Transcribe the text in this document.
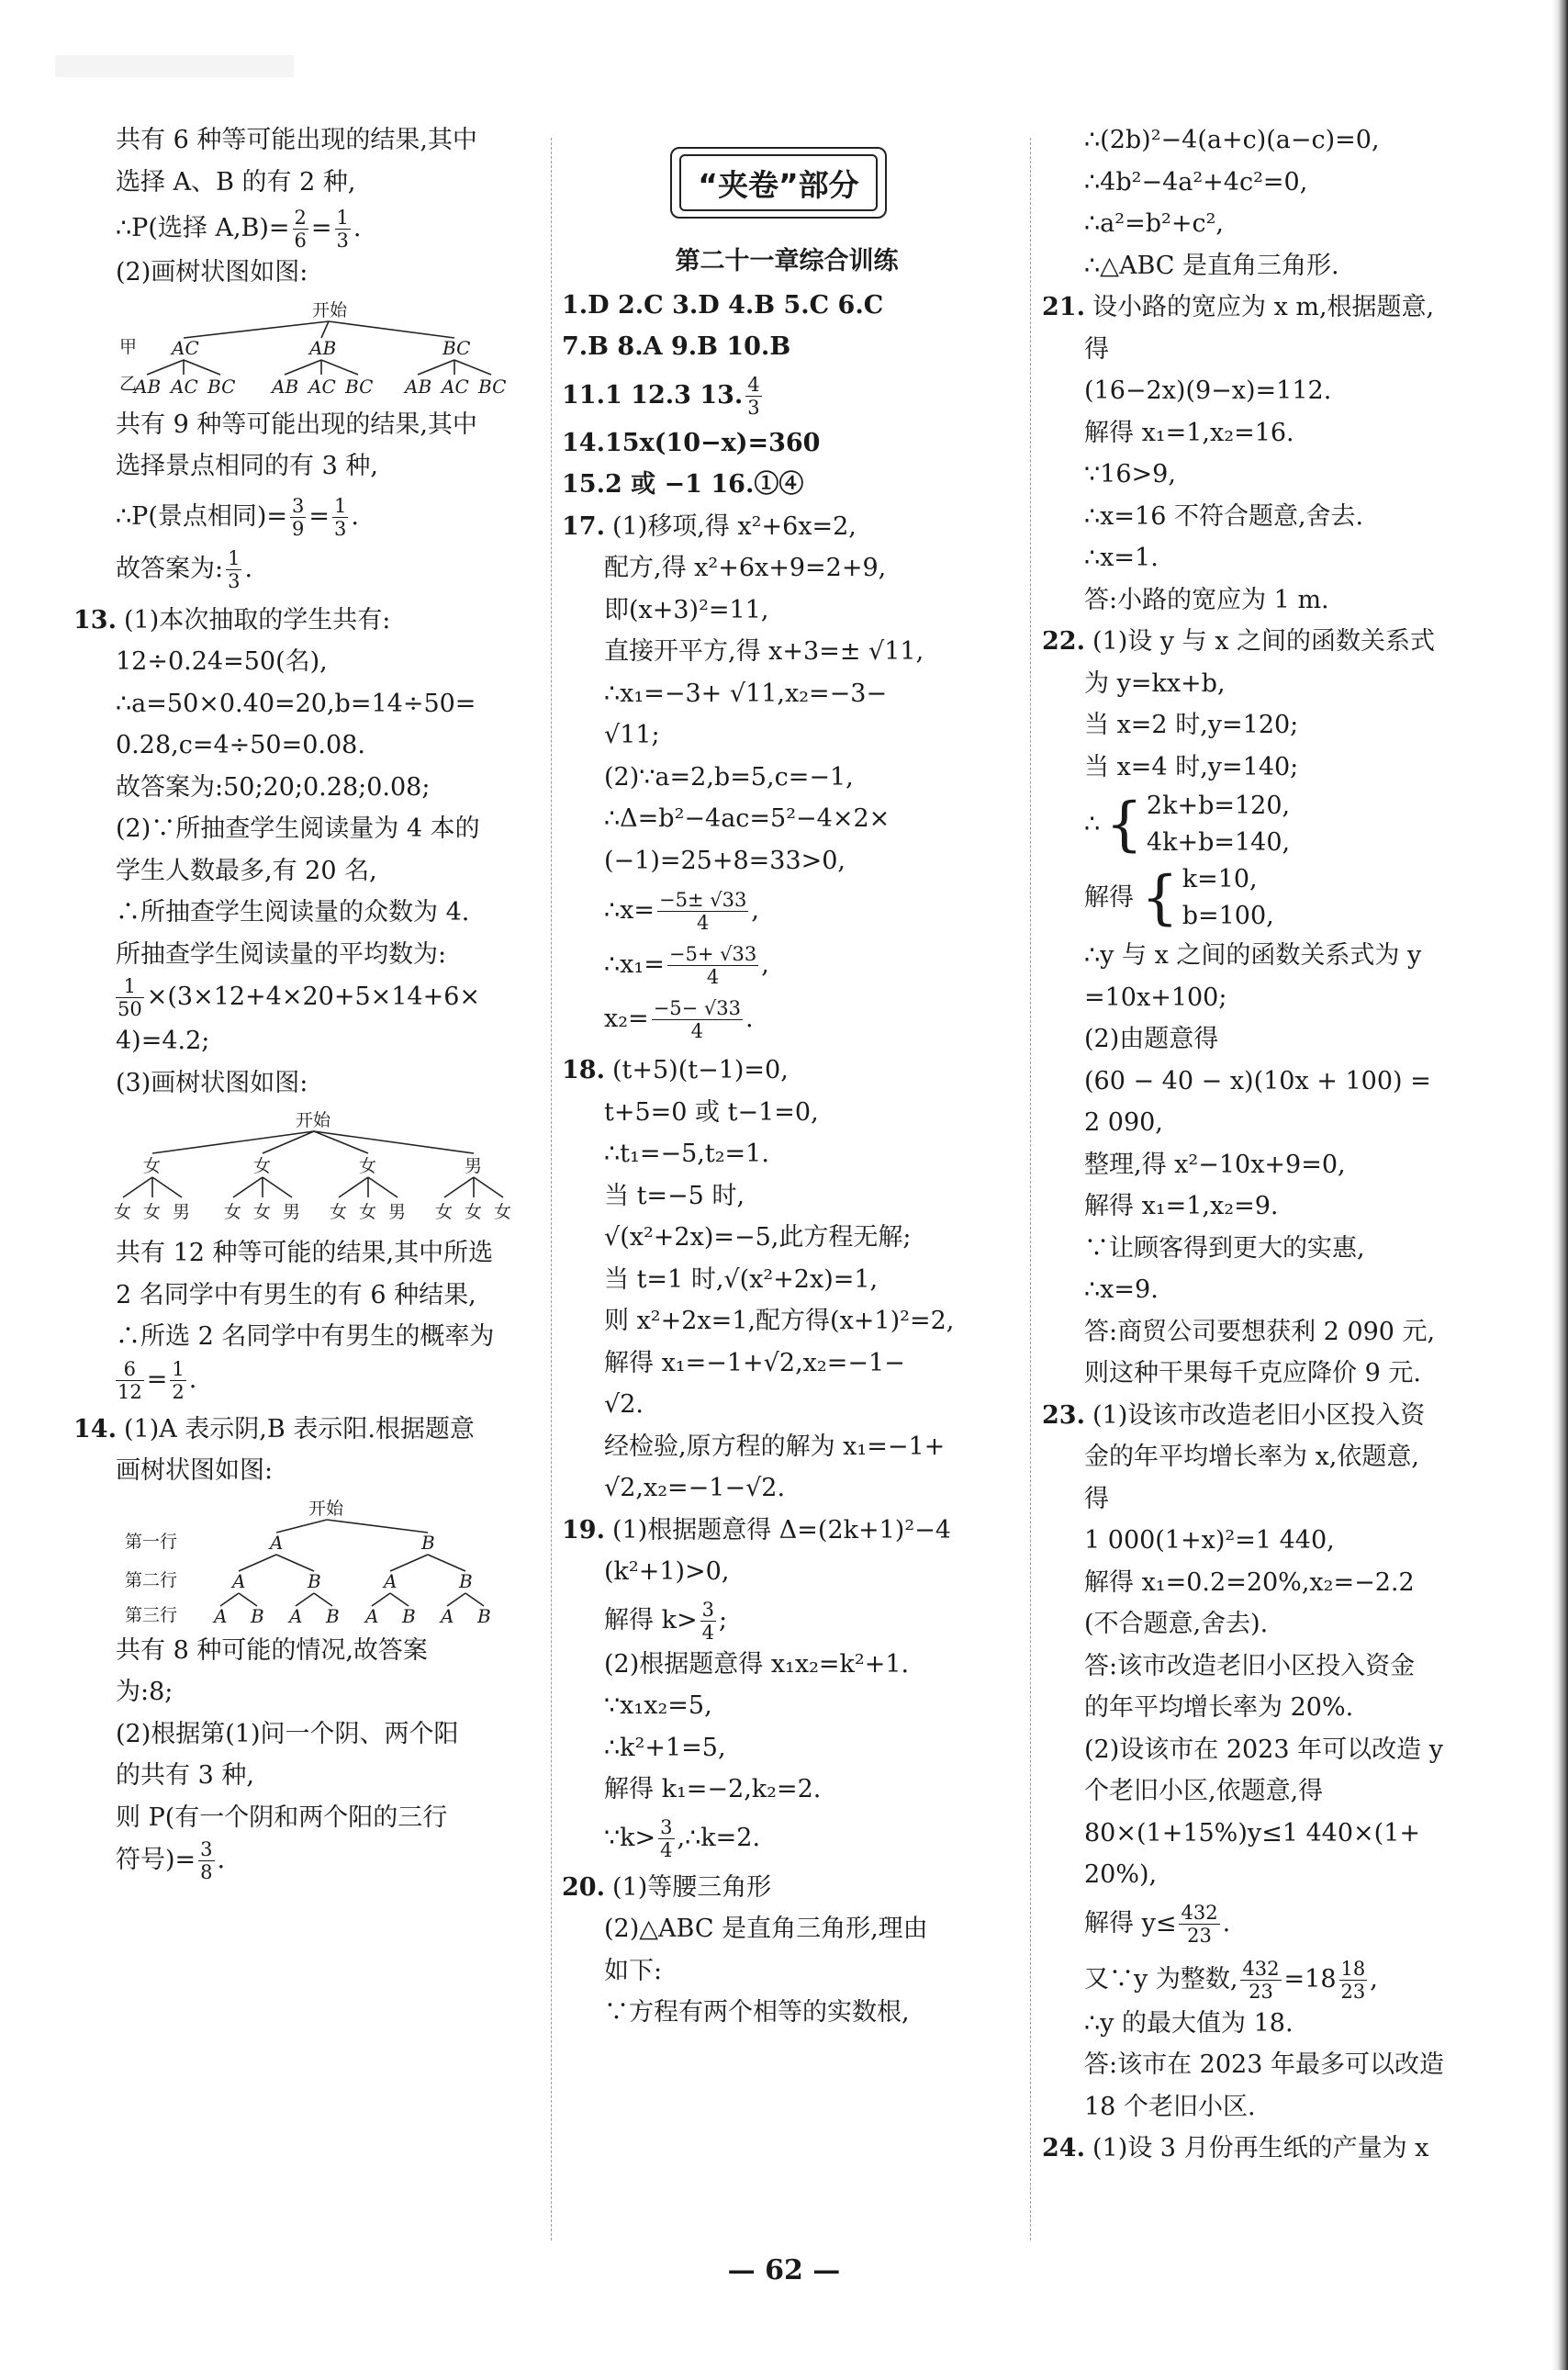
共有 6 种等可能出现的结果,其中
选择 A、B 的有 2 种,
∴P(选择 $A,B)= \frac{2}{6} = \frac{1}{3}$ .
(2)画树状图如图:
开始
甲
乙
AC	AB	BC
AB AC BC AB AC BC AB AC BC
共有 9 种等可能出现的结果,其中
选择景点相同的有 3 种,
∴P(景点相同)= $\frac{3}{9} = \frac{1}{3}$ .
故答案为: $\frac{1}{3}$ .
13. (1)本次抽取的学生共有:
12÷0.24=50(名),
∴a=50×0.40=20,b=14÷50=
0.28,c=4÷50=0.08.
故答案为:50;20;0.28;0.08;
(2)∵所抽查学生阅读量为 4 本的
学生人数最多,有 20 名,
∴所抽查学生阅读量的众数为 4.
所抽查学生阅读量的平均数为:
$\frac{1}{50} \times(3\times 12+4\times 20+5\times 14+6\times$
4)=4.2;
(3)画树状图如图:
开始
女	女	女	男
女 女 男 女 女 男 女 女 男 女 女 女
共有 12 种等可能的结果,其中所选
2 名同学中有男生的有 6 种结果,
∴所选 2 名同学中有男生的概率为
$\frac{6}{12} = \frac{1}{2}$ .
14. (1)A 表示阴,B 表示阳.根据题意
画树状图如图:
开始
第一行
第二行
第三行
A	B
A	B	A	B
A B A B A B A B
共有 8 种可能的情况,故答案
为:8;
(2)根据第(1)问一个阴、两个阳
的共有 3 种,
则 P(有一个阴和两个阳的三行
符号)= $\frac{3}{8}$ .
“夹卷”部分
第二十一章综合训练
1.D 2.C 3.D 4.B 5.C 6.C
7.B 8.A 9.B 10.B
11.1 12.3 13. $\frac{4}{3}$
14.15x(10−x)=360
15.2 或 −1 16.①④
17. (1)移项,得 x²+6x=2,
配方,得 x²+6x+9=2+9,
即(x+3)²=11,
直接开平方,得 x+3=± √11,
∴x₁=−3+ √11,x₂=−3−
√11;
(2)∵a=2,b=5,c=−1,
∴Δ=b²−4ac=5²−4×2×
(−1)=25+8=33>0,
∴x= $\frac{-5\pm √33}{4}$ ,
∴x₁= $\frac{-5+ √33}{4}$ ,
$x_2= \frac{-5- √33}{4}$ .
18. (t+5)(t−1)=0,
t+5=0 或 t−1=0,
∴t₁=−5,t₂=1.
当 t=−5 时,
√(x²+2x)=−5,此方程无解;
当 t=1 时,√(x²+2x)=1,
则 x²+2x=1,配方得(x+1)²=2,
解得 x₁=−1+√2,x₂=−1−
√2.
经检验,原方程的解为 x₁=−1+
√2,x₂=−1−√2.
19. (1)根据题意得 Δ=(2k+1)²−4
(k²+1)>0,
解得 $k> \frac{3}{4}$ ;
(2)根据题意得 x₁x₂=k²+1.
∵x₁x₂=5,
∴k²+1=5,
解得 k₁=−2,k₂=2.
∵k> $\frac{3}{4}$ ,∴k=2.
20. (1)等腰三角形
(2)△ABC 是直角三角形,理由
如下:
∵方程有两个相等的实数根,
∴(2b)²−4(a+c)(a−c)=0,
∴4b²−4a²+4c²=0,
∴a²=b²+c²,
∴△ABC 是直角三角形.
21. 设小路的宽应为 x m,根据题意,
得
(16−2x)(9−x)=112.
解得 x₁=1,x₂=16.
∵16>9,
∴x=16 不符合题意,舍去.
∴x=1.
答:小路的宽应为 1 m.
22. (1)设 y 与 x 之间的函数关系式
为 y=kx+b,
当 x=2 时,y=120;
当 x=4 时,y=140;
∴ { 2k+b=120,
4k+b=140,
解得 { k=10,
b=100,
∴y 与 x 之间的函数关系式为 y
=10x+100;
(2)由题意得
(60 − 40 − x)(10x + 100) =
2 090,
整理,得 x²−10x+9=0,
解得 x₁=1,x₂=9.
∵让顾客得到更大的实惠,
∴x=9.
答:商贸公司要想获利 2 090 元,
则这种干果每千克应降价 9 元.
23. (1)设该市改造老旧小区投入资
金的年平均增长率为 x,依题意,
得
1 000(1+x)²=1 440,
解得 x₁=0.2=20%,x₂=−2.2
(不合题意,舍去).
答:该市改造老旧小区投入资金
的年平均增长率为 20%.
(2)设该市在 2023 年可以改造 y
个老旧小区,依题意,得
80×(1+15%)y≤1 440×(1+
20%),
解得 $y\le \frac{432}{23}$ .
又∵y 为整数, $\frac{432}{23} =18 \frac{18}{23}$ ,
∴y 的最大值为 18.
答:该市在 2023 年最多可以改造
18 个老旧小区.
24. (1)设 3 月份再生纸的产量为 x
— 62 —
